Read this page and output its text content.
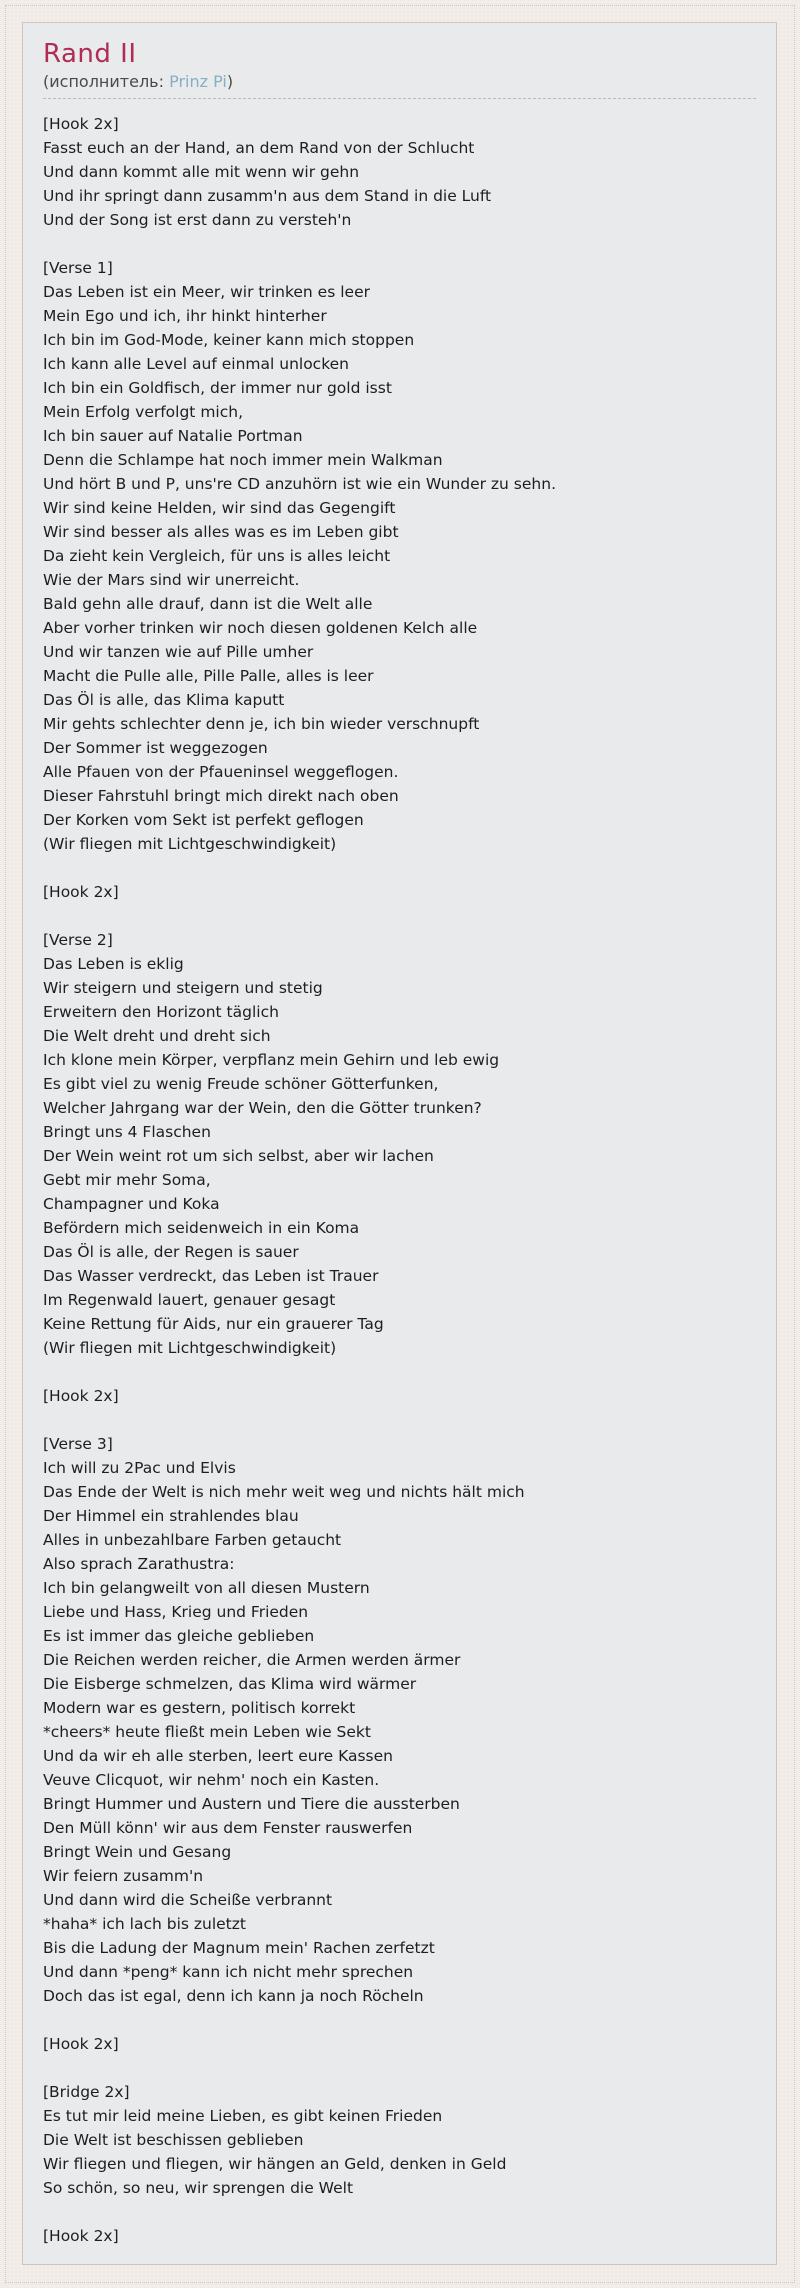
Rand II
(исполнитель: Prinz Pi)
[Hook 2x]
Fasst euch an der Hand, an dem Rand von der Schlucht
Und dann kommt alle mit wenn wir gehn
Und ihr springt dann zusamm'n aus dem Stand in die Luft
Und der Song ist erst dann zu versteh'n
[Verse 1]
Das Leben ist ein Meer, wir trinken es leer
Mein Ego und ich, ihr hinkt hinterher
Ich bin im God-Mode, keiner kann mich stoppen
Ich kann alle Level auf einmal unlocken
Ich bin ein Goldfisch, der immer nur gold isst
Mein Erfolg verfolgt mich,
Ich bin sauer auf Natalie Portman
Denn die Schlampe hat noch immer mein Walkman
Und hört B und P, uns're CD anzuhörn ist wie ein Wunder zu sehn.
Wir sind keine Helden, wir sind das Gegengift
Wir sind besser als alles was es im Leben gibt
Da zieht kein Vergleich, für uns is alles leicht
Wie der Mars sind wir unerreicht.
Bald gehn alle drauf, dann ist die Welt alle
Aber vorher trinken wir noch diesen goldenen Kelch alle
Und wir tanzen wie auf Pille umher
Macht die Pulle alle, Pille Palle, alles is leer
Das Öl is alle, das Klima kaputt
Mir gehts schlechter denn je, ich bin wieder verschnupft
Der Sommer ist weggezogen
Alle Pfauen von der Pfaueninsel weggeflogen.
Dieser Fahrstuhl bringt mich direkt nach oben
Der Korken vom Sekt ist perfekt geflogen
(Wir fliegen mit Lichtgeschwindigkeit)
[Hook 2x]
[Verse 2]
Das Leben is eklig
Wir steigern und steigern und stetig
Erweitern den Horizont täglich
Die Welt dreht und dreht sich
Ich klone mein Körper, verpflanz mein Gehirn und leb ewig
Es gibt viel zu wenig Freude schöner Götterfunken,
Welcher Jahrgang war der Wein, den die Götter trunken?
Bringt uns 4 Flaschen
Der Wein weint rot um sich selbst, aber wir lachen
Gebt mir mehr Soma,
Champagner und Koka
Befördern mich seidenweich in ein Koma
Das Öl is alle, der Regen is sauer
Das Wasser verdreckt, das Leben ist Trauer
Im Regenwald lauert, genauer gesagt
Keine Rettung für Aids, nur ein grauerer Tag
(Wir fliegen mit Lichtgeschwindigkeit)
[Hook 2x]
[Verse 3]
Ich will zu 2Pac und Elvis
Das Ende der Welt is nich mehr weit weg und nichts hält mich
Der Himmel ein strahlendes blau
Alles in unbezahlbare Farben getaucht
Also sprach Zarathustra:
Ich bin gelangweilt von all diesen Mustern
Liebe und Hass, Krieg und Frieden
Es ist immer das gleiche geblieben
Die Reichen werden reicher, die Armen werden ärmer
Die Eisberge schmelzen, das Klima wird wärmer
Modern war es gestern, politisch korrekt
*cheers* heute fließt mein Leben wie Sekt
Und da wir eh alle sterben, leert eure Kassen
Veuve Clicquot, wir nehm' noch ein Kasten.
Bringt Hummer und Austern und Tiere die aussterben
Den Müll könn' wir aus dem Fenster rauswerfen
Bringt Wein und Gesang
Wir feiern zusamm'n
Und dann wird die Scheiße verbrannt
*haha* ich lach bis zuletzt
Bis die Ladung der Magnum mein' Rachen zerfetzt
Und dann *peng* kann ich nicht mehr sprechen
Doch das ist egal, denn ich kann ja noch Röcheln
[Hook 2x]
[Bridge 2x]
Es tut mir leid meine Lieben, es gibt keinen Frieden
Die Welt ist beschissen geblieben
Wir fliegen und fliegen, wir hängen an Geld, denken in Geld
So schön, so neu, wir sprengen die Welt
[Hook 2x]
